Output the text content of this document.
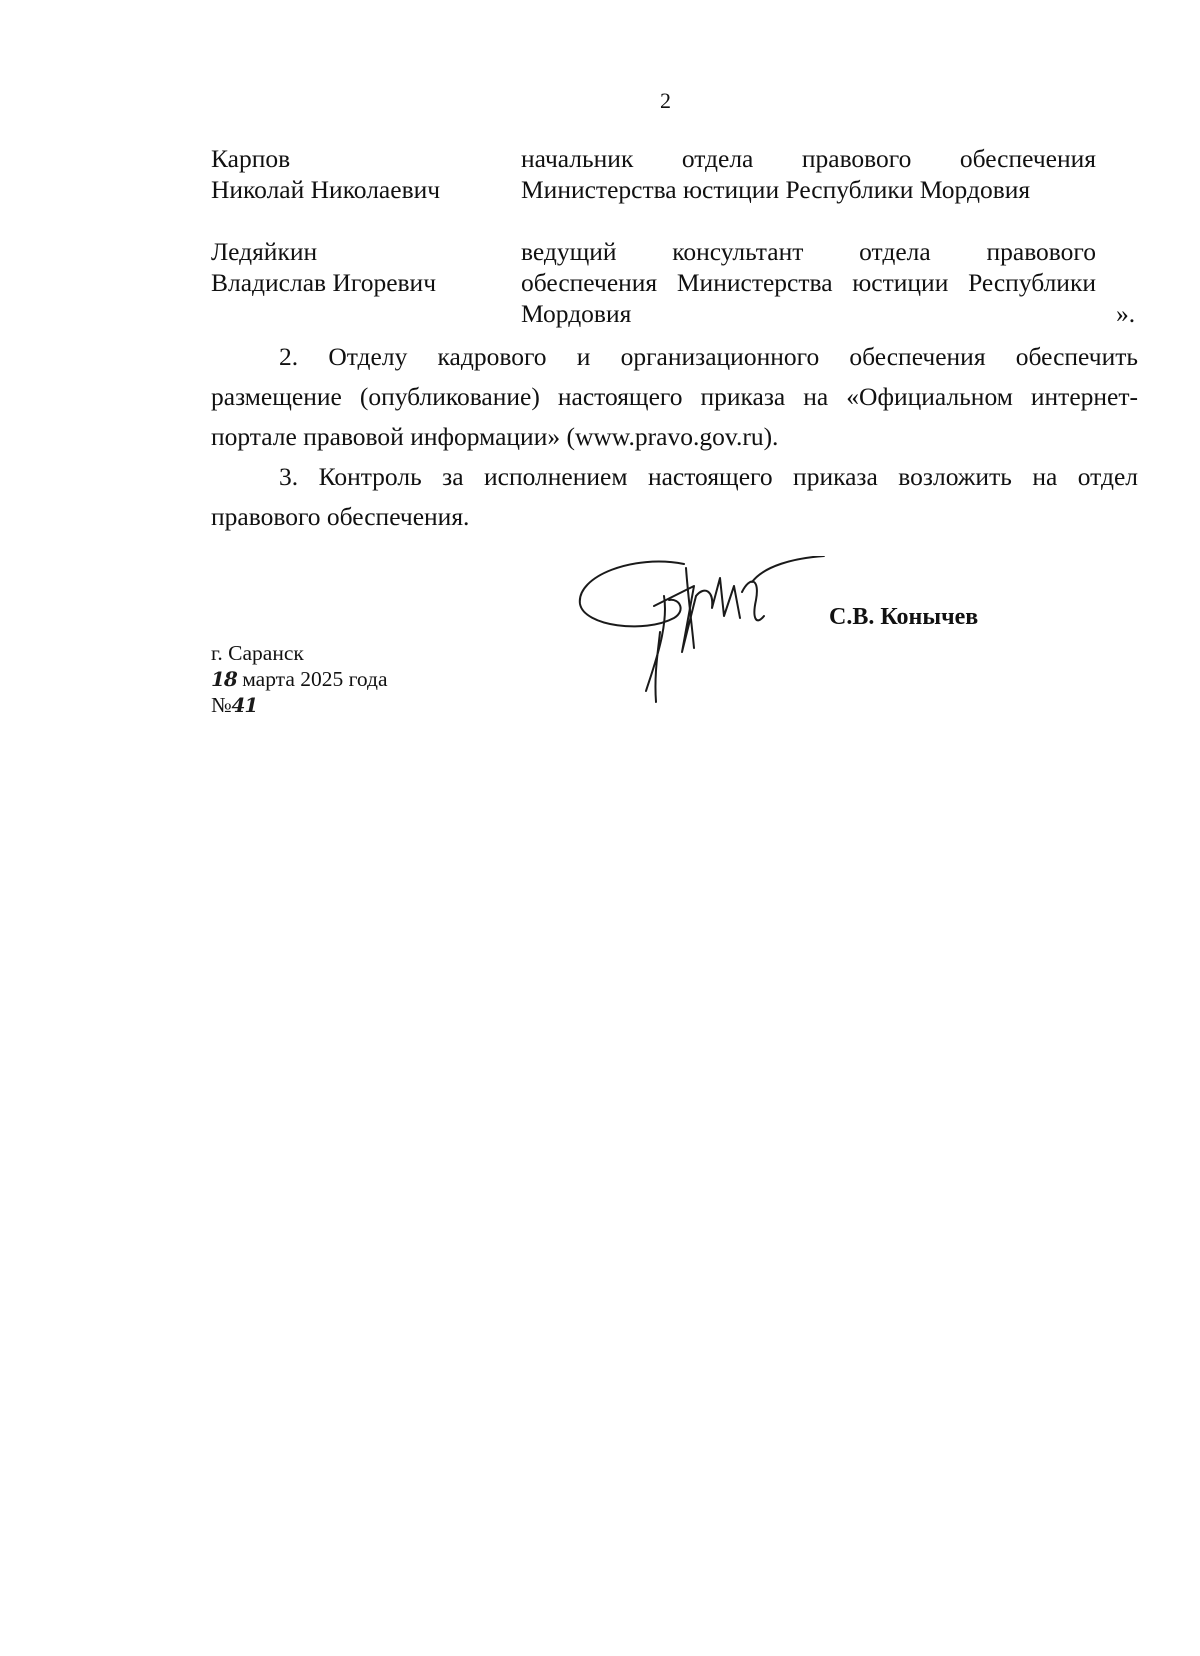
2
Карпов
Николай Николаевич
начальник отдела правового обеспечения
Министерства юстиции Республики Мордовия
Ледяйкин
Владислав Игоревич
ведущий консультант отдела правового
обеспечения Министерства юстиции Республики
Мордовия	».
2. Отделу кадрового и организационного обеспечения обеспечить
размещение (опубликование) настоящего приказа на «Официальном интернет-
портале правовой информации» (www.pravo.gov.ru).
3. Контроль за исполнением настоящего приказа возложить на отдел
правового обеспечения.
С.В. Конычев
г. Саранск
18 марта 2025 года
№41
